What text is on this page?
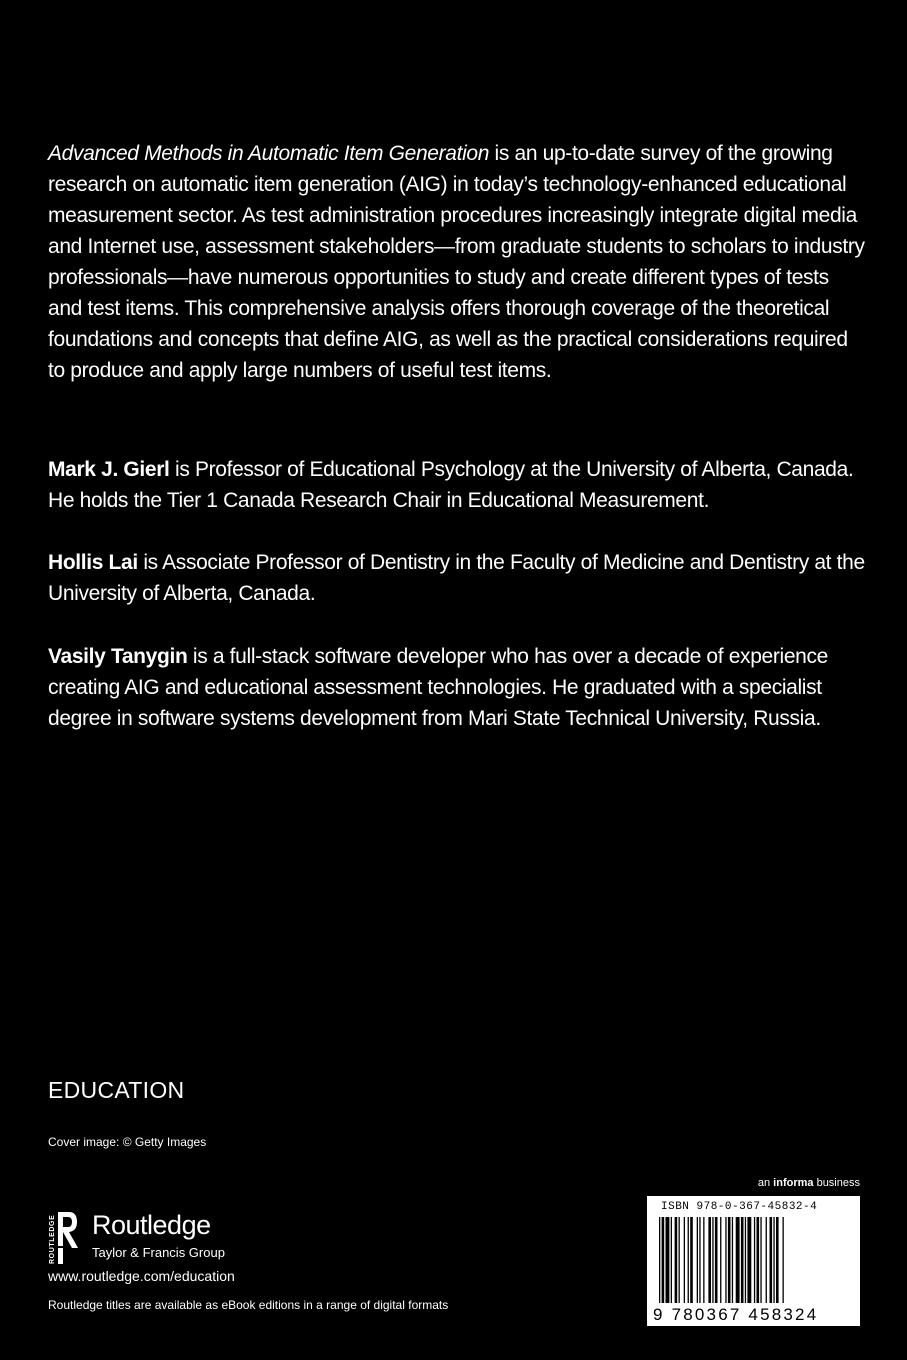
Advanced Methods in Automatic Item Generation is an up-to-date survey of the growing research on automatic item generation (AIG) in today’s technology-enhanced educational measurement sector. As test administration procedures increasingly integrate digital media and Internet use, assessment stakeholders—from graduate students to scholars to industry professionals—have numerous opportunities to study and create different types of tests and test items. This comprehensive analysis offers thorough coverage of the theoretical foundations and concepts that define AIG, as well as the practical considerations required to produce and apply large numbers of useful test items.

Mark J. Gierl is Professor of Educational Psychology at the University of Alberta, Canada. He holds the Tier 1 Canada Research Chair in Educational Measurement.

Hollis Lai is Associate Professor of Dentistry in the Faculty of Medicine and Dentistry at the University of Alberta, Canada.

Vasily Tanygin is a full-stack software developer who has over a decade of experience creating AIG and educational assessment technologies. He graduated with a specialist degree in software systems development from Mari State Technical University, Russia.

EDUCATION
Cover image: © Getty Images
an informa business
ROUTLEDGE Routledge
Taylor & Francis Group
www.routledge.com/education
Routledge titles are available as eBook editions in a range of digital formats
ISBN 978-0-367-45832-4
9 780367 458324
